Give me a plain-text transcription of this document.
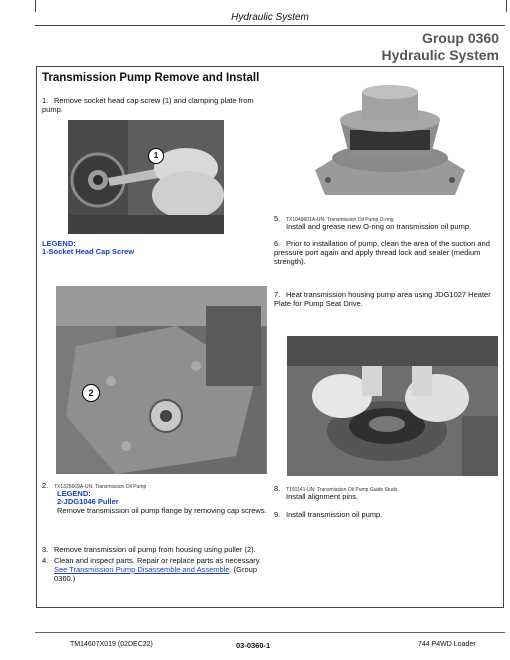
Hydraulic System
Group 0360
Hydraulic System
Transmission Pump Remove and Install
1. Remove socket head cap screw (1) and clamping plate from pump.
1
LEGEND:
1-Socket Head Cap Screw
2
2. TX1325669A-UN: Transmission Oil Pump
LEGEND:
2-JDG1046 Puller
Remove transmission oil pump flange by removing cap screws.
3. Remove transmission oil pump from housing using puller (2).
4. Clean and inspect parts. Repair or replace parts as necessary.
See Transmission Pump Disassemble and Assemble. (Group 0360.)
5. TX1049601A-UN: Transmission Oil Pump O-ring
Install and grease new O-ring on transmission oil pump.
6. Prior to installation of pump, clean the area of the suction and pressure port again and apply thread lock and sealer (medium strength).
7. Heat transmission housing pump area using JDG1027 Heater Plate for Pump Seat Drive.
8. T191141-UN: Transmission Oil Pump Guide Studs
Install alignment pins.
9. Install transmission oil pump.
TM14607X019 (02DEC22)	03-0360-1	744 P4WD Loader
